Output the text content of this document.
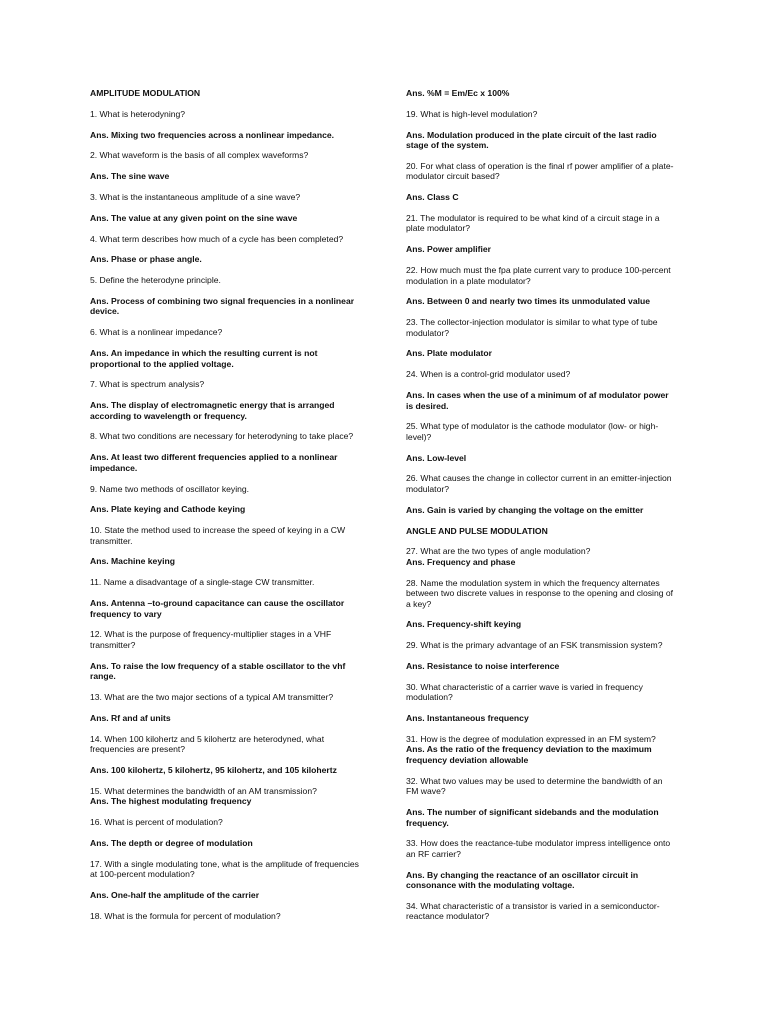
AMPLITUDE MODULATION

1. What is heterodyning?

Ans. Mixing two frequencies across a nonlinear impedance.

2. What waveform is the basis of all complex waveforms?

Ans. The sine wave

3. What is the instantaneous amplitude of a sine wave?

Ans. The value at any given point on the sine wave

4. What term describes how much of a cycle has been completed?

Ans. Phase or phase angle.

5. Define the heterodyne principle.

Ans. Process of combining two signal frequencies in a nonlinear device.

6. What is a nonlinear impedance?

Ans. An impedance in which the resulting current is not proportional to the applied voltage.

7. What is spectrum analysis?

Ans. The display of electromagnetic energy that is arranged according to wavelength or frequency.

8. What two conditions are necessary for heterodyning to take place?

Ans. At least two different frequencies applied to a nonlinear impedance.

9. Name two methods of oscillator keying.

Ans. Plate keying and Cathode keying

10. State the method used to increase the speed of keying in a CW transmitter.

Ans. Machine keying

11. Name a disadvantage of a single-stage CW transmitter.

Ans. Antenna –to-ground capacitance can cause the oscillator frequency to vary

12. What is the purpose of frequency-multiplier stages in a VHF transmitter?

Ans. To raise the low frequency of a stable oscillator to the vhf range.

13. What are the two major sections of a typical AM transmitter?

Ans. Rf and af units

14. When 100 kilohertz and 5 kilohertz are heterodyned, what frequencies are present?

Ans. 100 kilohertz, 5 kilohertz, 95 kilohertz, and 105 kilohertz

15. What determines the bandwidth of an AM transmission?

Ans. The highest modulating frequency

16. What is percent of modulation?

Ans. The depth or degree of modulation

17. With a single modulating tone, what is the amplitude of frequencies at 100-percent modulation?

Ans. One-half the amplitude of the carrier

18. What is the formula for percent of modulation?

Ans. %M = Em/Ec x 100%

19. What is high-level modulation?

Ans. Modulation produced in the plate circuit of the last radio stage of the system.

20. For what class of operation is the final rf power amplifier of a plate-modulator circuit based?

Ans. Class C

21. The modulator is required to be what kind of a circuit stage in a plate modulator?

Ans. Power amplifier

22. How much must the fpa plate current vary to produce 100-percent modulation in a plate modulator?

Ans. Between 0 and nearly two times its unmodulated value

23. The collector-injection modulator is similar to what type of tube modulator?

Ans. Plate modulator

24. When is a control-grid modulator used?

Ans. In cases when the use of a minimum of af modulator power is desired.

25. What type of modulator is the cathode modulator (low- or high-level)?

Ans. Low-level

26. What causes the change in collector current in an emitter-injection modulator?

Ans. Gain is varied by changing the voltage on the emitter

ANGLE AND PULSE MODULATION

27. What are the two types of angle modulation?

Ans. Frequency and phase

28. Name the modulation system in which the frequency alternates between two discrete values in response to the opening and closing of a key?

Ans. Frequency-shift keying

29. What is the primary advantage of an FSK transmission system?

Ans. Resistance to noise interference

30. What characteristic of a carrier wave is varied in frequency modulation?

Ans. Instantaneous frequency

31. How is the degree of modulation expressed in an FM system?

Ans. As the ratio of the frequency deviation to the maximum frequency deviation allowable

32. What two values may be used to determine the bandwidth of an FM wave?

Ans. The number of significant sidebands and the modulation frequency.

33. How does the reactance-tube modulator impress intelligence onto an RF carrier?

Ans. By changing the reactance of an oscillator circuit in consonance with the modulating voltage.

34. What characteristic of a transistor is varied in a semiconductor-reactance modulator?
